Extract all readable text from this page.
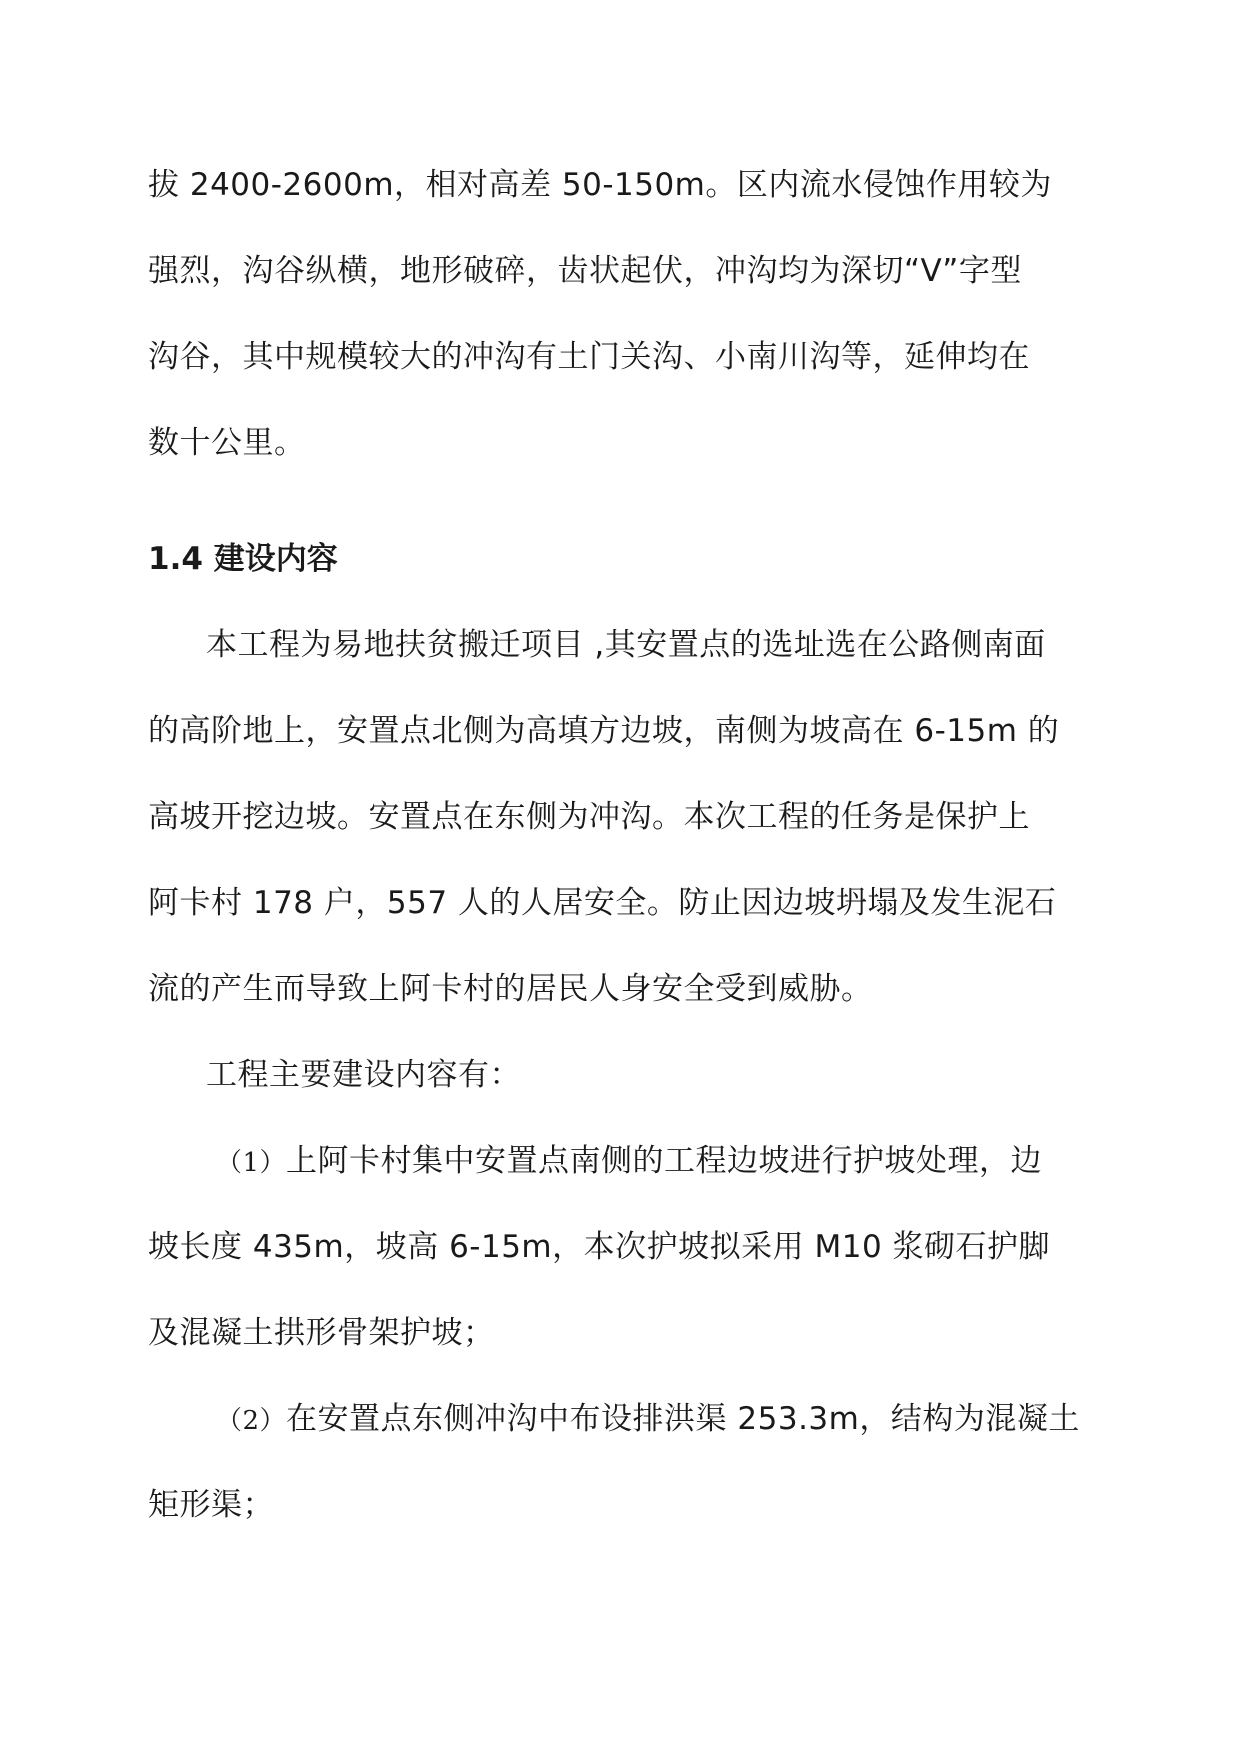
拔 2400-2600m，相对高差 50-150m。区内流水侵蚀作用较为
强烈，沟谷纵横，地形破碎，齿状起伏，冲沟均为深切“V”字型
沟谷，其中规模较大的冲沟有土门关沟、小南川沟等，延伸均在
数十公里。
1.4 建设内容
本工程为易地扶贫搬迁项目 ,其安置点的选址选在公路侧南面
的高阶地上，安置点北侧为高填方边坡，南侧为坡高在 6-15m 的
高坡开挖边坡。安置点在东侧为冲沟。本次工程的任务是保护上
阿卡村 178 户，557 人的人居安全。防止因边坡坍塌及发生泥石
流的产生而导致上阿卡村的居民人身安全受到威胁。
工程主要建设内容有：
（1）上阿卡村集中安置点南侧的工程边坡进行护坡处理，边
坡长度 435m，坡高 6-15m，本次护坡拟采用 M10 浆砌石护脚
及混凝土拱形骨架护坡；
（2）在安置点东侧冲沟中布设排洪渠 253.3m，结构为混凝土
矩形渠；
